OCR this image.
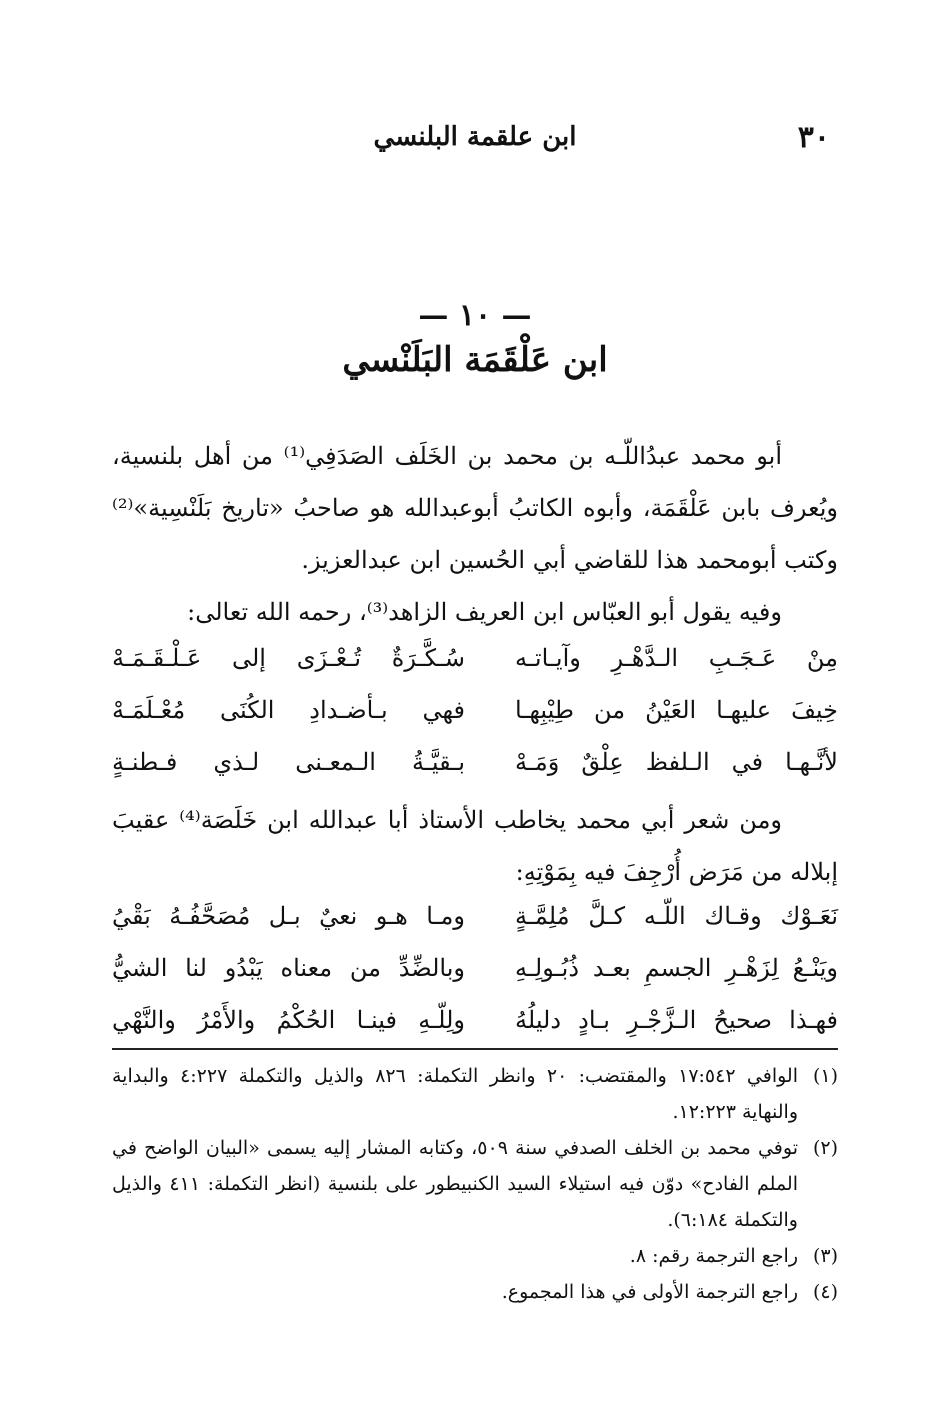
٣٠
ابن علقمة البلنسي
— ١٠ —
ابن عَلْقَمَة البَلَنْسي

أبو محمد عبدُاللّـه بن محمد بن الخَلَف الصَدَفِي⁽¹⁾ من أهل بلنسية، ويُعرف بابن عَلْقَمَة، وأبوه الكاتبُ أبوعبدالله هو صاحبُ «تاريخ بَلَنْسِية»⁽²⁾ وكتب أبومحمد هذا للقاضي أبي الحُسين ابن عبدالعزيز.

وفيه يقول أبو العبّاس ابن العريف الزاهد⁽³⁾، رحمه الله تعالى:

مِنْ عَـجَـبِ الـدَّهْـرِ وآيـاتـه
سُـكَّـرَةٌ تُـعْـزَى إلى عَـلْـقَـمَـهْ
خِيفَ عليهـا العَيْنُ من طِيْبِهـا
فهي بـأضـدادِ الكُنَى مُعْـلَمَـهْ
لأنَّـهـا في الـلفظ عِلْقٌ وَمَـهْ
بـقيَّـةُ الـمعـنى لـذي فـطنـةٍ

ومن شعر أبي محمد يخاطب الأستاذ أبا عبدالله ابن خَلَصَة⁽⁴⁾ عقيبَ إبلاله من مَرَض أُرْجِفَ فيه بِمَوْتِهِ:

نَعَـوْك وقـاك اللّـه كـلَّ مُلِمَّـةٍ
ومـا هـو نعيٌ بـل مُصَحَّفُـهُ بَقْيُ
ويَنْـعُ لِزَهْـرِ الجسمِ بعـد ذُبُـولِـهِ
وبالضِّدِّ من معناه يَبْدُو لنا الشيُّ
فهـذا صحيحُ الـزَّجْـرِ بـادٍ دليلُهُ
ولِلّـهِ فينـا الحُكْمُ والأَمْرُ والنَّهْي
(١)
الوافي ١٧:٥٤٢ والمقتضب: ٢٠ وانظر التكملة: ٨٢٦ والذيل والتكملة ٤:٢٢٧ والبداية والنهاية ١٢:٢٢٣.
(٢)
توفي محمد بن الخلف الصدفي سنة ٥٠٩، وكتابه المشار إليه يسمى «البيان الواضح في الملم الفادح» دوّن فيه استيلاء السيد الكنبيطور على بلنسية (انظر التكملة: ٤١١ والذيل والتكملة ٦:١٨٤).
(٣)
راجع الترجمة رقم: ٨.
(٤)
راجع الترجمة الأولى في هذا المجموع.
